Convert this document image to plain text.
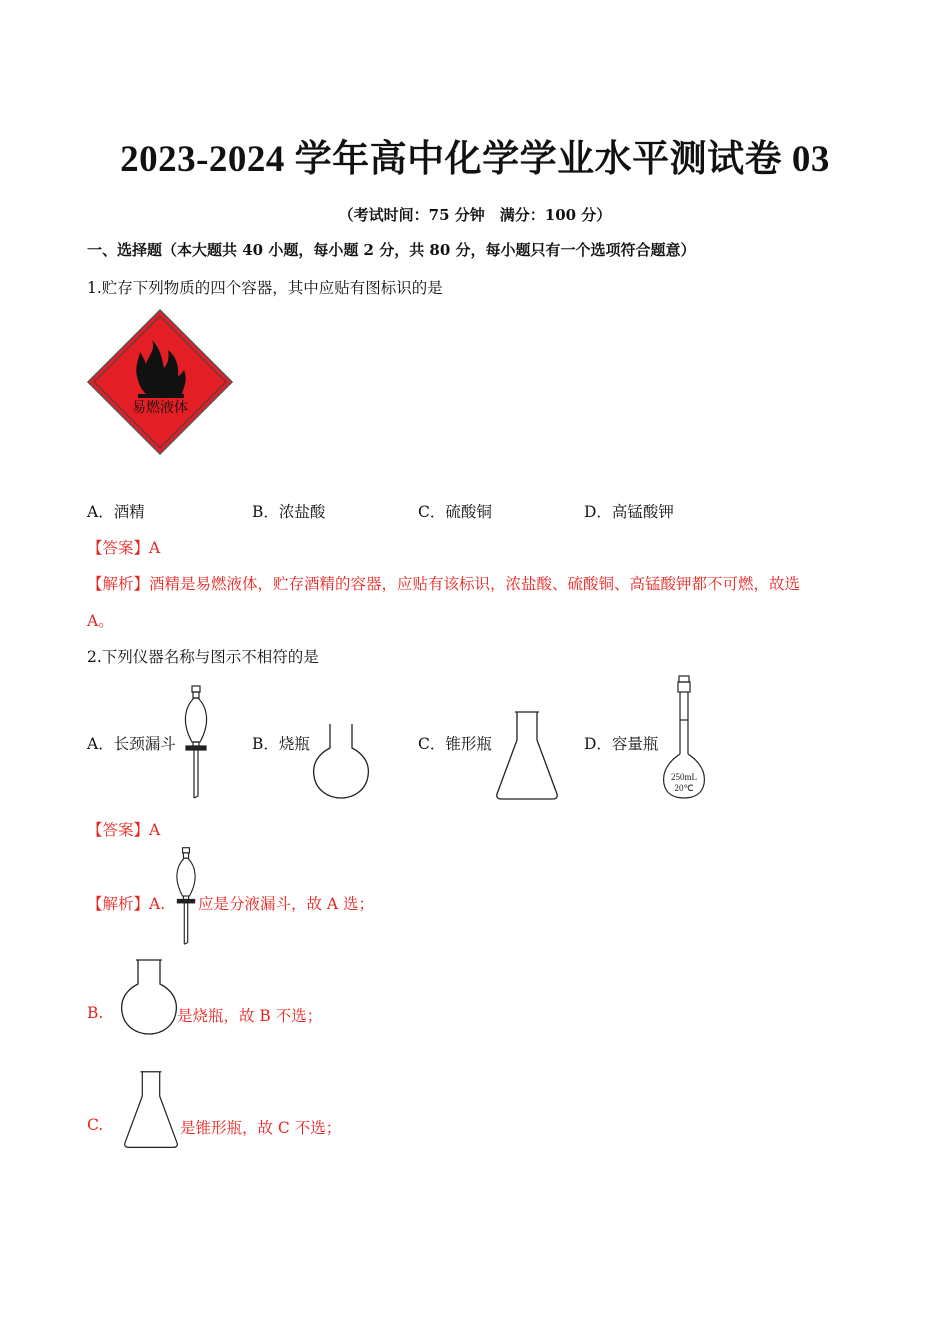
2023-2024 学年高中化学学业水平测试卷 03
（考试时间：75 分钟　满分：100 分）
一、选择题（本大题共 40 小题，每小题 2 分，共 80 分，每小题只有一个选项符合题意）
1.贮存下列物质的四个容器，其中应贴有图标识的是
易燃液体
A．酒精	B．浓盐酸	C．硫酸铜	D．高锰酸钾
【答案】A
【解析】酒精是易燃液体，贮存酒精的容器，应贴有该标识，浓盐酸、硫酸铜、高锰酸钾都不可燃，故选
A。
2.下列仪器名称与图示不相符的是
A．长颈漏斗	B．烧瓶	C．锥形瓶	D．容量瓶
250mL
20℃
【答案】A
【解析】A. 应是分液漏斗，故 A 选；
B.	是烧瓶，故 B 不选；
C.	是锥形瓶，故 C 不选；
